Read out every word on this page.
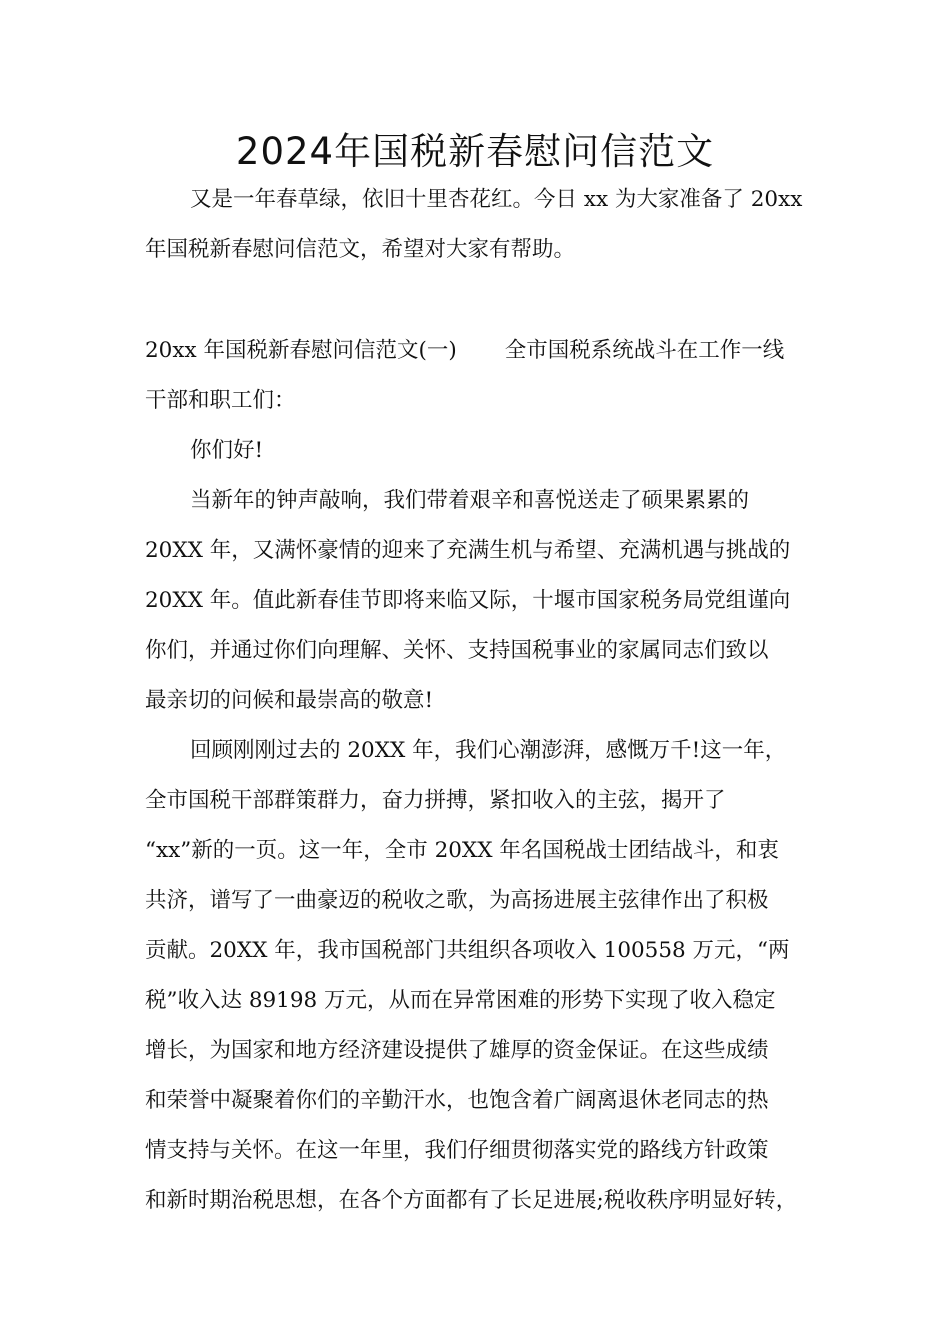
2024年国税新春慰问信范文

又是一年春草绿，依旧十里杏花红。今日 xx 为大家准备了 20xx

年国税新春慰问信范文，希望对大家有帮助。

20xx 年国税新春慰问信范文(一) 全市国税系统战斗在工作一线

干部和职工们：

你们好!

当新年的钟声敲响，我们带着艰辛和喜悦送走了硕果累累的

20XX 年，又满怀豪情的迎来了充满生机与希望、充满机遇与挑战的

20XX 年。值此新春佳节即将来临又际，十堰市国家税务局党组谨向

你们，并通过你们向理解、关怀、支持国税事业的家属同志们致以

最亲切的问候和最崇高的敬意!

回顾刚刚过去的 20XX 年，我们心潮澎湃，感慨万千!这一年，

全市国税干部群策群力，奋力拼搏，紧扣收入的主弦，揭开了

“xx”新的一页。这一年，全市 20XX 年名国税战士团结战斗，和衷

共济，谱写了一曲豪迈的税收之歌，为高扬进展主弦律作出了积极

贡献。20XX 年，我市国税部门共组织各项收入 100558 万元，“两

税”收入达 89198 万元，从而在异常困难的形势下实现了收入稳定

增长，为国家和地方经济建设提供了雄厚的资金保证。在这些成绩

和荣誉中凝聚着你们的辛勤汗水，也饱含着广阔离退休老同志的热

情支持与关怀。在这一年里，我们仔细贯彻落实党的路线方针政策

和新时期治税思想，在各个方面都有了长足进展;税收秩序明显好转，
